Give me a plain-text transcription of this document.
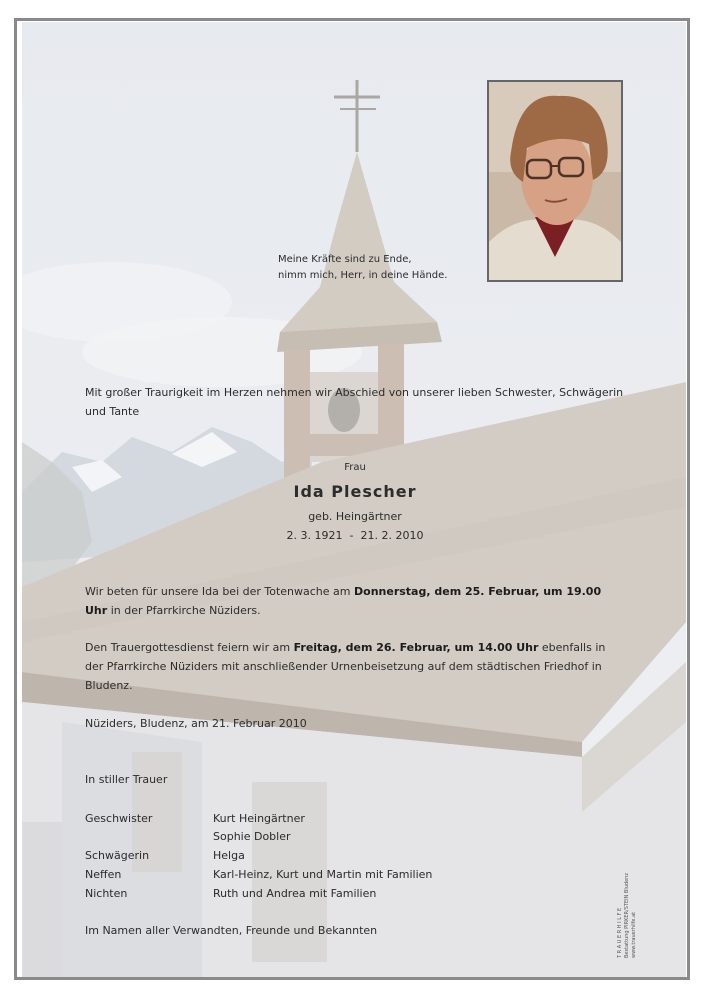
Meine Kräfte sind zu Ende,
nimm mich, Herr, in deine Hände.
Mit großer Traurigkeit im Herzen nehmen wir Abschied von unserer lieben Schwester, Schwägerin und Tante
Frau
Ida Plescher
geb. Heingärtner
2. 3. 1921  -  21. 2. 2010
Wir beten für unsere Ida bei der Totenwache am Donnerstag, dem 25. Februar, um 19.00 Uhr in der Pfarrkirche Nüziders.
Den Trauergottesdienst feiern wir am Freitag, dem 26. Februar, um 14.00 Uhr ebenfalls in der Pfarrkirche Nüziders mit anschließender Urnenbeisetzung auf dem städtischen Friedhof in Bludenz.
Nüziders, Bludenz, am 21. Februar 2010
In stiller Trauer
Geschwister	Kurt Heingärtner
Sophie Dobler
Schwägerin	Helga
Neffen	Karl-Heinz, Kurt und Martin mit Familien
Nichten	Ruth und Andrea mit Familien
Im Namen aller Verwandten, Freunde und Bekannten	T R A U E R H I L F E Bestattung PIRKER/STEIN Bludenz www.trauerhilfe.at
